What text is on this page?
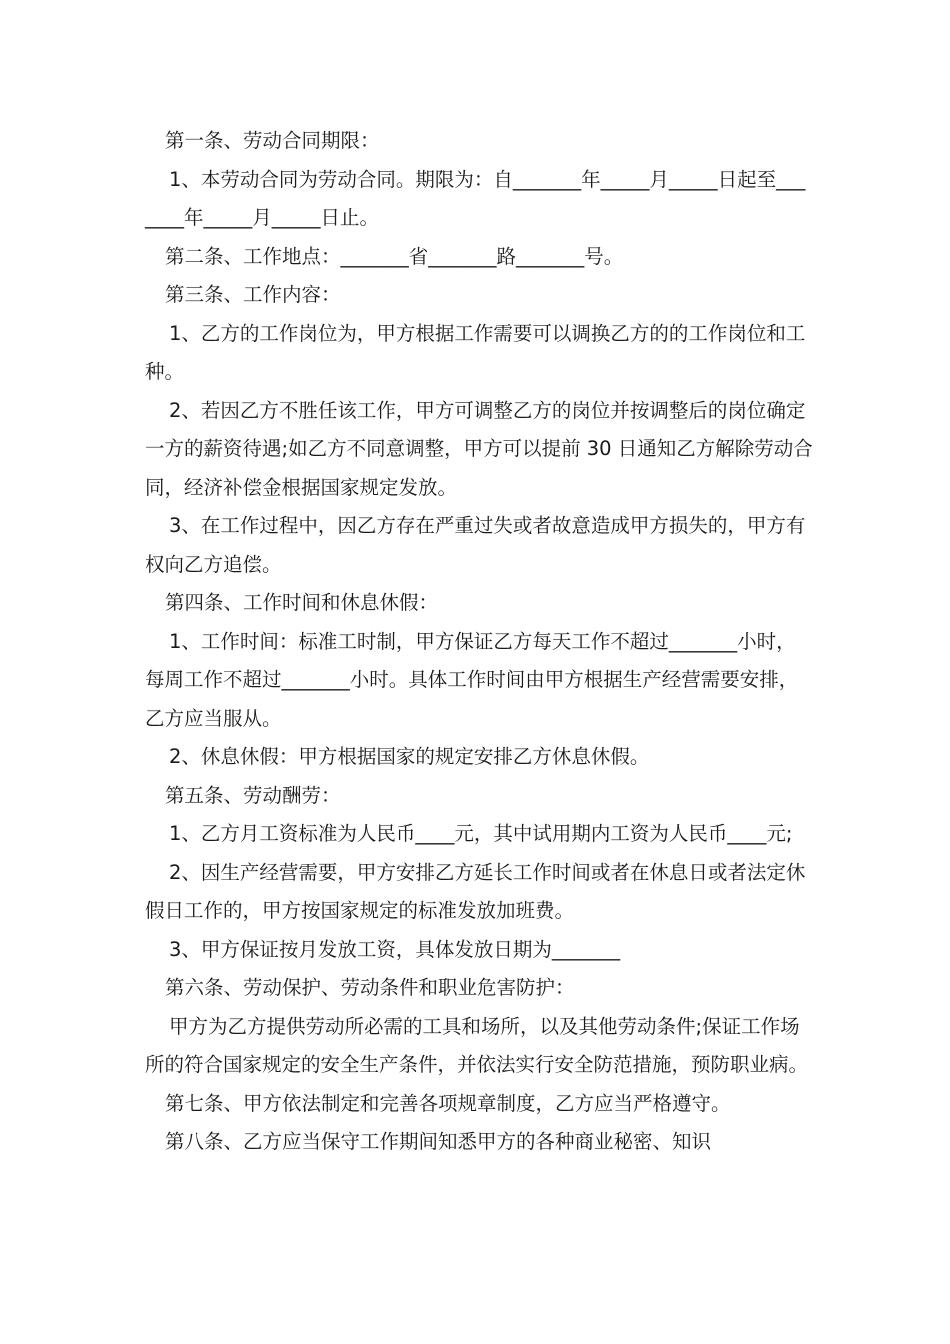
第一条、劳动合同期限：

1、本劳动合同为劳动合同。期限为：自_______年_____月_____日起至_______年_____月_____日止。

第二条、工作地点：_______省_______路_______号。

第三条、工作内容：

1、乙方的工作岗位为，甲方根据工作需要可以调换乙方的的工作岗位和工种。

2、若因乙方不胜任该工作，甲方可调整乙方的岗位并按调整后的岗位确定一方的薪资待遇;如乙方不同意调整，甲方可以提前 30 日通知乙方解除劳动合同，经济补偿金根据国家规定发放。

3、在工作过程中，因乙方存在严重过失或者故意造成甲方损失的，甲方有权向乙方追偿。

第四条、工作时间和休息休假：

1、工作时间：标准工时制，甲方保证乙方每天工作不超过_______小时，每周工作不超过_______小时。具体工作时间由甲方根据生产经营需要安排，乙方应当服从。

2、休息休假：甲方根据国家的规定安排乙方休息休假。

第五条、劳动酬劳：

1、乙方月工资标准为人民币____元，其中试用期内工资为人民币____元;

2、因生产经营需要，甲方安排乙方延长工作时间或者在休息日或者法定休假日工作的，甲方按国家规定的标准发放加班费。

3、甲方保证按月发放工资，具体发放日期为_______

第六条、劳动保护、劳动条件和职业危害防护：

甲方为乙方提供劳动所必需的工具和场所，以及其他劳动条件;保证工作场所的符合国家规定的安全生产条件，并依法实行安全防范措施，预防职业病。

第七条、甲方依法制定和完善各项规章制度，乙方应当严格遵守。

第八条、乙方应当保守工作期间知悉甲方的各种商业秘密、知识
